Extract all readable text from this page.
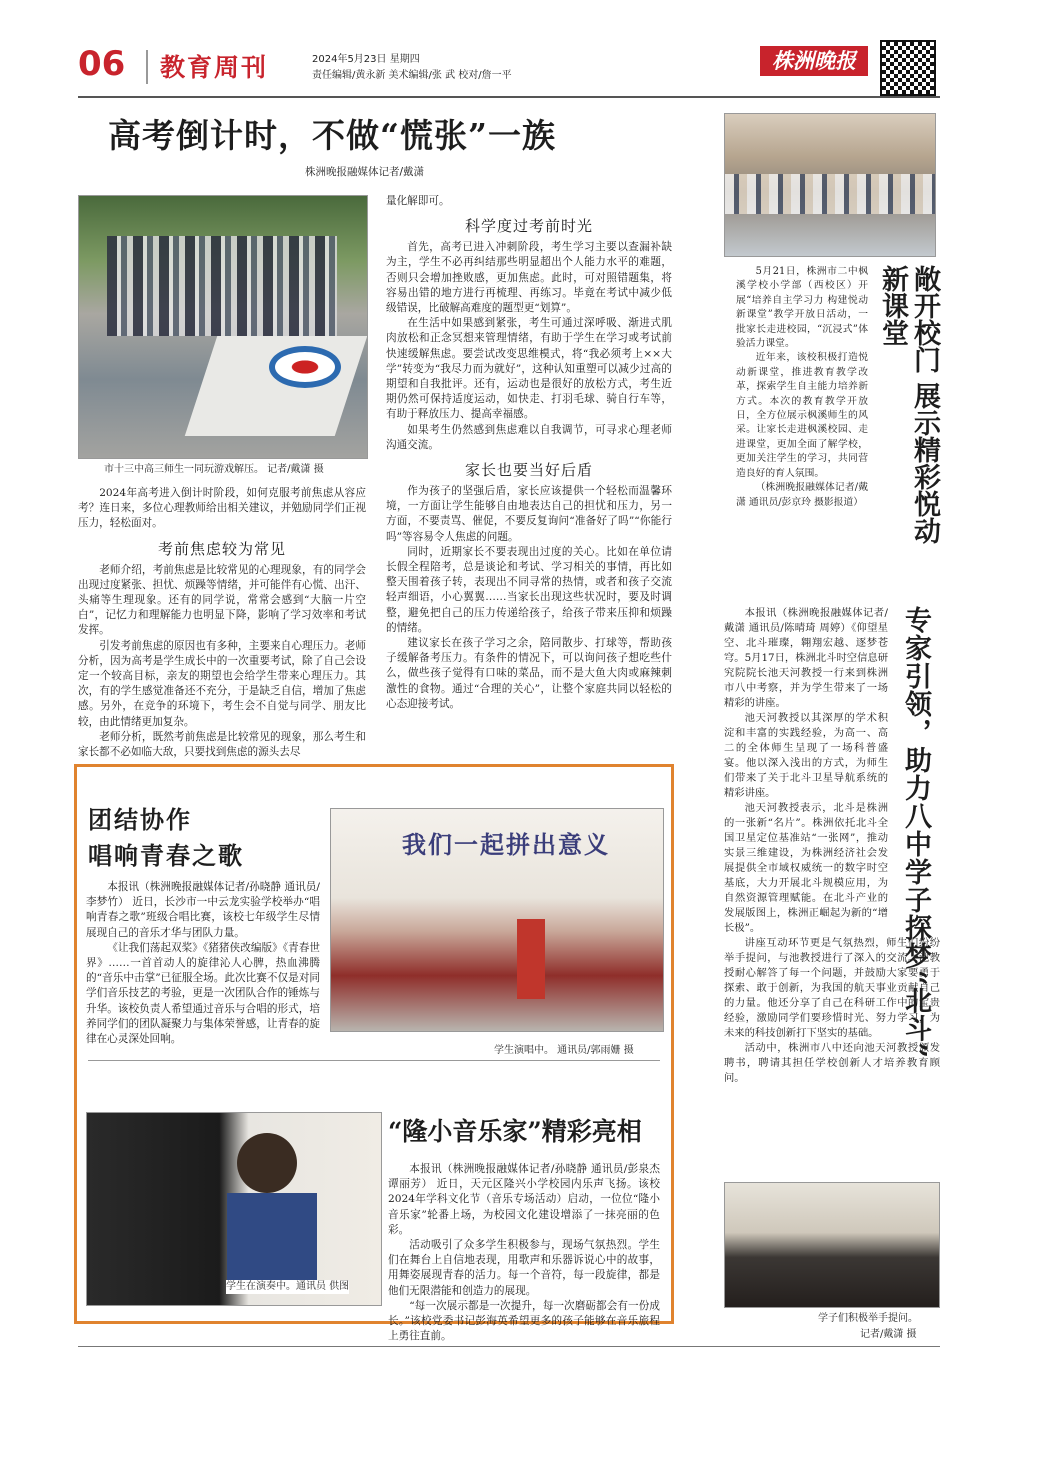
06 教育周刊	2024年5月23日 星期四
责任编辑/黄永新 美术编辑/张 武 校对/詹一平
株洲晚报
高考倒计时，不做“慌张”一族
株洲晚报融媒体记者/戴潇
市十三中高三师生一同玩游戏解压。 记者/戴潇 摄

2024年高考进入倒计时阶段，如何克服考前焦虑从容应考？连日来，多位心理教师给出相关建议，并勉励同学们正视压力，轻松面对。

考前焦虑较为常见

老师介绍，考前焦虑是比较常见的心理现象，有的同学会出现过度紧张、担忧、烦躁等情绪，并可能伴有心慌、出汗、头痛等生理现象。还有的同学说，常常会感到“大脑一片空白”，记忆力和理解能力也明显下降，影响了学习效率和考试发挥。

引发考前焦虑的原因也有多种，主要来自心理压力。老师分析，因为高考是学生成长中的一次重要考试，除了自己会设定一个较高目标，亲友的期望也会给学生带来心理压力。其次，有的学生感觉准备还不充分，于是缺乏自信，增加了焦虑感。另外，在竞争的环境下，考生会不自觉与同学、朋友比较，由此情绪更加复杂。

老师分析，既然考前焦虑是比较常见的现象，那么考生和家长都不必如临大敌，只要找到焦虑的源头去尽

量化解即可。

科学度过考前时光

首先，高考已进入冲刺阶段，考生学习主要以查漏补缺为主，学生不必再纠结那些明显超出个人能力水平的难题，否则只会增加挫败感，更加焦虑。此时，可对照错题集，将容易出错的地方进行再梳理、再练习。毕竟在考试中减少低级错误，比破解高难度的题型更“划算”。

在生活中如果感到紧张，考生可通过深呼吸、渐进式肌肉放松和正念冥想来管理情绪，有助于学生在学习或考试前快速缓解焦虑。要尝试改变思维模式，将“我必须考上××大学”转变为“我尽力而为就好”，这种认知重塑可以减少过高的期望和自我批评。还有，运动也是很好的放松方式，考生近期仍然可保持适度运动，如快走、打羽毛球、骑自行车等，有助于释放压力、提高幸福感。

如果考生仍然感到焦虑难以自我调节，可寻求心理老师沟通交流。

家长也要当好后盾

作为孩子的坚强后盾，家长应该提供一个轻松而温馨环境，一方面让学生能够自由地表达自己的担忧和压力，另一方面，不要责骂、催促，不要反复询问“准备好了吗”“你能行吗”等容易令人焦虑的问题。

同时，近期家长不要表现出过度的关心。比如在单位请长假全程陪考，总是谈论和考试、学习相关的事情，再比如整天围着孩子转，表现出不同寻常的热情，或者和孩子交流轻声细语，小心翼翼……当家长出现这些状况时，要及时调整，避免把自己的压力传递给孩子，给孩子带来压抑和烦躁的情绪。

建议家长在孩子学习之余，陪同散步、打球等，帮助孩子缓解备考压力。有条件的情况下，可以询问孩子想吃些什么，做些孩子觉得有口味的菜品，而不是大鱼大肉或麻辣刺激性的食物。通过“合理的关心”，让整个家庭共同以轻松的心态迎接考试。

敞开校门 展示精彩悦动新课堂

5月21日，株洲市二中枫溪学校小学部（西校区）开展“培养自主学习力 构建悦动新课堂”教学开放日活动，一批家长走进校园，“沉浸式”体验活力课堂。

近年来，该校积极打造悦动新课堂，推进教育教学改革，探索学生自主能力培养新方式。本次的教育教学开放日，全方位展示枫溪师生的风采。让家长走进枫溪校园、走进课堂，更加全面了解学校，更加关注学生的学习，共同营造良好的育人氛围。

（株洲晚报融媒体记者/戴潇 通讯员/彭京玲 摄影报道）

专家引领，助力八中学子探梦“北斗”

本报讯（株洲晚报融媒体记者/戴潇 通讯员/陈晴琦 周婷）《仰望星空、北斗璀璨，翱翔宏越、逐梦苍穹。5月17日，株洲北斗时空信息研究院院长池天河教授一行来到株洲市八中考察，并为学生带来了一场精彩的讲座。

池天河教授以其深厚的学术积淀和丰富的实践经验，为高一、高二的全体师生呈现了一场科普盛宴。他以深入浅出的方式，为师生们带来了关于北斗卫星导航系统的精彩讲座。

池天河教授表示，北斗是株洲的一张新“名片”。株洲依托北斗全国卫星定位基准站“一张网”，推动实景三维建设，为株洲经济社会发展提供全市域权威统一的数字时空基底，大力开展北斗规模应用，为自然资源管理赋能。在北斗产业的发展版图上，株洲正崛起为新的“增长极”。

讲座互动环节更是气氛热烈，师生们纷纷举手提问，与池教授进行了深入的交流。池教授耐心解答了每一个问题，并鼓励大家要勇于探索、敢于创新，为我国的航天事业贡献自己的力量。他还分享了自己在科研工作中的宝贵经验，激励同学们要珍惜时光、努力学习，为未来的科技创新打下坚实的基础。

活动中，株洲市八中还向池天河教授颁发聘书，聘请其担任学校创新人才培养教育顾问。

学子们积极举手提问。
记者/戴潇 摄
团结协作
唱响青春之歌

本报讯（株洲晚报融媒体记者/孙晓静 通讯员/李梦竹） 近日，长沙市一中云龙实验学校举办“唱响青春之歌”班级合唱比赛，该校七年级学生尽情展现自己的音乐才华与团队力量。

《让我们荡起双桨》《猪猪侠改编版》《青春世界》……一首首动人的旋律沁人心脾，热血沸腾的“音乐中击掌”已征服全场。此次比赛不仅是对同学们音乐技艺的考验，更是一次团队合作的锤炼与升华。该校负责人希望通过音乐与合唱的形式，培养同学们的团队凝聚力与集体荣誉感，让青春的旋律在心灵深处回响。

我们一起拼出意义
学生演唱中。 通讯员/郭雨姗 摄
学生在演奏中。通讯员 供图
“隆小音乐家”精彩亮相

本报讯（株洲晚报融媒体记者/孙晓静 通讯员/彭泉杰 谭丽芳） 近日，天元区隆兴小学校园内乐声飞扬。该校2024年学科文化节（音乐专场活动）启动，一位位“隆小音乐家”轮番上场，为校园文化建设增添了一抹亮丽的色彩。

活动吸引了众多学生积极参与，现场气氛热烈。学生们在舞台上自信地表现，用歌声和乐器诉说心中的故事，用舞姿展现青春的活力。每一个音符，每一段旋律，都是他们无限潜能和创造力的展现。

“每一次展示都是一次提升，每一次磨砺都会有一份成长。”该校党委书记彭海英希望更多的孩子能够在音乐旅程上勇往直前。
